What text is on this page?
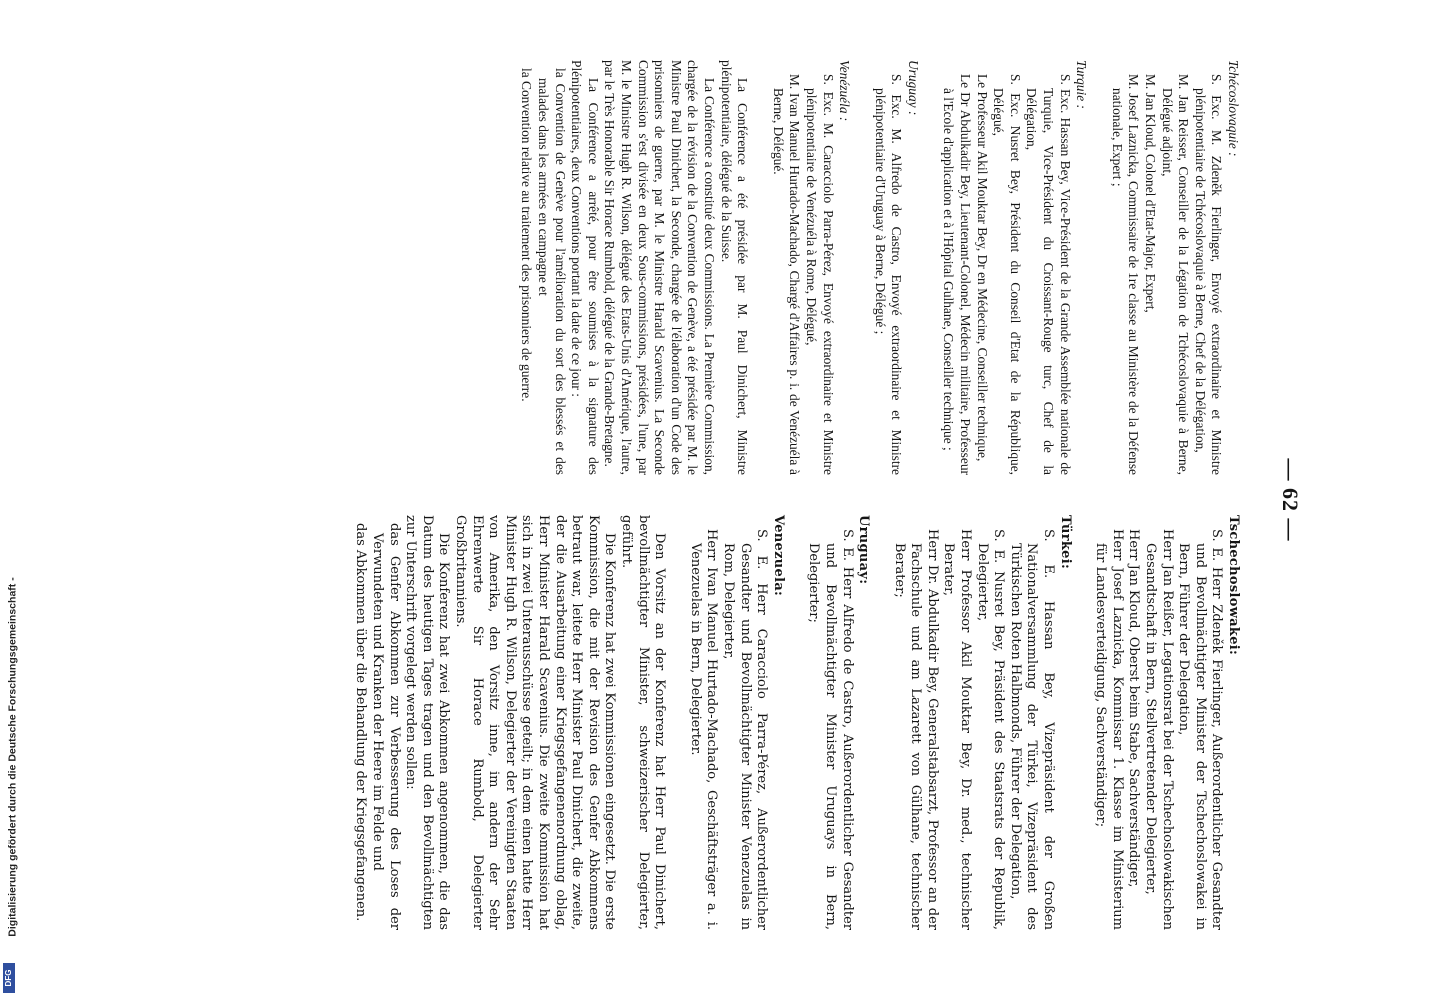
— 62 —

Tchécoslovaquie :

S. Exc. M. Zdeněk Fierlinger, Envoyé extraordinaire et Ministre plénipotentiaire de Tchécoslovaquie à Berne, Chef de la Délégation,

M. Jan Reisser, Conseiller de la Légation de Tchécoslovaquie à Berne, Délégué adjoint,

M. Jan Kloud, Colonel d'Etat-Major, Expert,

M. Josef Laznicka, Commissaire de 1re classe au Ministère de la Défense nationale, Expert ;

Turquie :

S. Exc. Hassan Bey, Vice-Président de la Grande Assemblée nationale de Turquie, Vice-Président du Croissant-Rouge turc, Chef de la Délégation,

S. Exc. Nusret Bey, Président du Conseil d'Etat de la République, Délégué,

Le Professeur Akil Mouktar Bey, Dr en Médecine, Conseiller technique,

Le Dr Abdulkadir Bey, Lieutenant-Colonel, Médecin militaire, Professeur à l'Ecole d'application et à l'Hôpital Gulhane, Conseiller technique ;

Uruguay :

S. Exc. M. Alfredo de Castro, Envoyé extraordinaire et Ministre plénipotentiaire d'Uruguay à Berne, Délégué ;

Venézuéla :

S. Exc. M. Caracciolo Parra-Pérez, Envoyé extraordinaire et Ministre plénipotentiaire de Venézuéla à Rome, Délégué,

M. Ivan Manuel Hurtado-Machado, Chargé d'Affaires p. i. de Venézuéla à Berne, Délégué.

La Conférence a été présidée par M. Paul Dinichert, Ministre plénipotentiaire, délégué de la Suisse.

La Conférence a constitué deux Commissions. La Première Commission, chargée de la révision de la Convention de Genève, a été présidée par M. le Ministre Paul Dinichert, la Seconde, chargée de l'élaboration d'un Code des prisonniers de guerre, par M. le Ministre Harald Scavenius. La Seconde Commission s'est divisée en deux Sous-commissions, présidées, l'une, par M. le Ministre Hugh R. Wilson, délégué des Etats-Unis d'Amérique, l'autre, par le Très Honorable Sir Horace Rumbold, délégué de la Grande-Bretagne.

La Conférence a arrêté, pour être soumises à la signature des Plénipotentiaires, deux Conventions portant la date de ce jour :

la Convention de Genève pour l'amélioration du sort des blessés et des malades dans les armées en campagne et

la Convention relative au traitement des prisonniers de guerre.

Tschechoslowakei:

S. E. Herr Zdeněk Fierlinger, Außerordentlicher Gesandter und Bevollmächtigter Minister der Tschechoslowakei in Bern, Führer der Delegation,

Herr Jan Reißer, Legationsrat bei der Tschechoslowakischen Gesandtschaft in Bern, Stellvertretender Delegierter,

Herr Jan Kloud, Oberst beim Stabe, Sachverständiger,

Herr Josef Laznicka, Kommissar 1. Klasse im Ministerium für Landesverteidigung, Sachverständiger;

Türkei:

S. E. Hassan Bey, Vizepräsident der Großen Nationalversammlung der Türkei, Vizepräsident des Türkischen Roten Halbmonds, Führer der Delegation,

S. E. Nusret Bey, Präsident des Staatsrats der Republik, Delegierter,

Herr Professor Akil Mouktar Bey, Dr. med., technischer Berater,

Herr Dr. Abdulkadir Bey, Generalstabsarzt, Professor an der Fachschule und am Lazarett von Gülhane, technischer Berater;

Uruguay:

S. E. Herr Alfredo de Castro, Außerordentlicher Gesandter und Bevollmächtigter Minister Uruguays in Bern, Delegierter;

Venezuela:

S. E. Herr Caracciolo Parra-Pérez, Außerordentlicher Gesandter und Bevollmächtigter Minister Venezuelas in Rom, Delegierter,

Herr Ivan Manuel Hurtado-Machado, Geschäftsträger a. i. Venezuelas in Bern, Delegierter.

Den Vorsitz an der Konferenz hat Herr Paul Dinichert, bevollmächtigter Minister, schweizerischer Delegierter, geführt.

Die Konferenz hat zwei Kommissionen eingesetzt. Die erste Kommission, die mit der Revision des Genfer Abkommens betraut war, leitete Herr Minister Paul Dinichert, die zweite, der die Ausarbeitung einer Kriegsgefangenenordnung oblag, Herr Minister Harald Scavenius. Die zweite Kommission hat sich in zwei Unterausschüsse geteilt; in dem einen hatte Herr Minister Hugh R. Wilson, Delegierter der Vereinigten Staaten von Amerika, den Vorsitz inne, im andern der Sehr Ehrenwerte Sir Horace Rumbold, Delegierter Großbritanniens.

Die Konferenz hat zwei Abkommen angenommen, die das Datum des heutigen Tages tragen und den Bevollmächtigten zur Unterschrift vorgelegt werden sollen:

das Genfer Abkommen zur Verbesserung des Loses der Verwundeten und Kranken der Heere im Felde und

das Abkommen über die Behandlung der Kriegsgefangenen.

Digitalisierung gefördert durch die Deutsche Forschungsgemeinschaft -
DFG
